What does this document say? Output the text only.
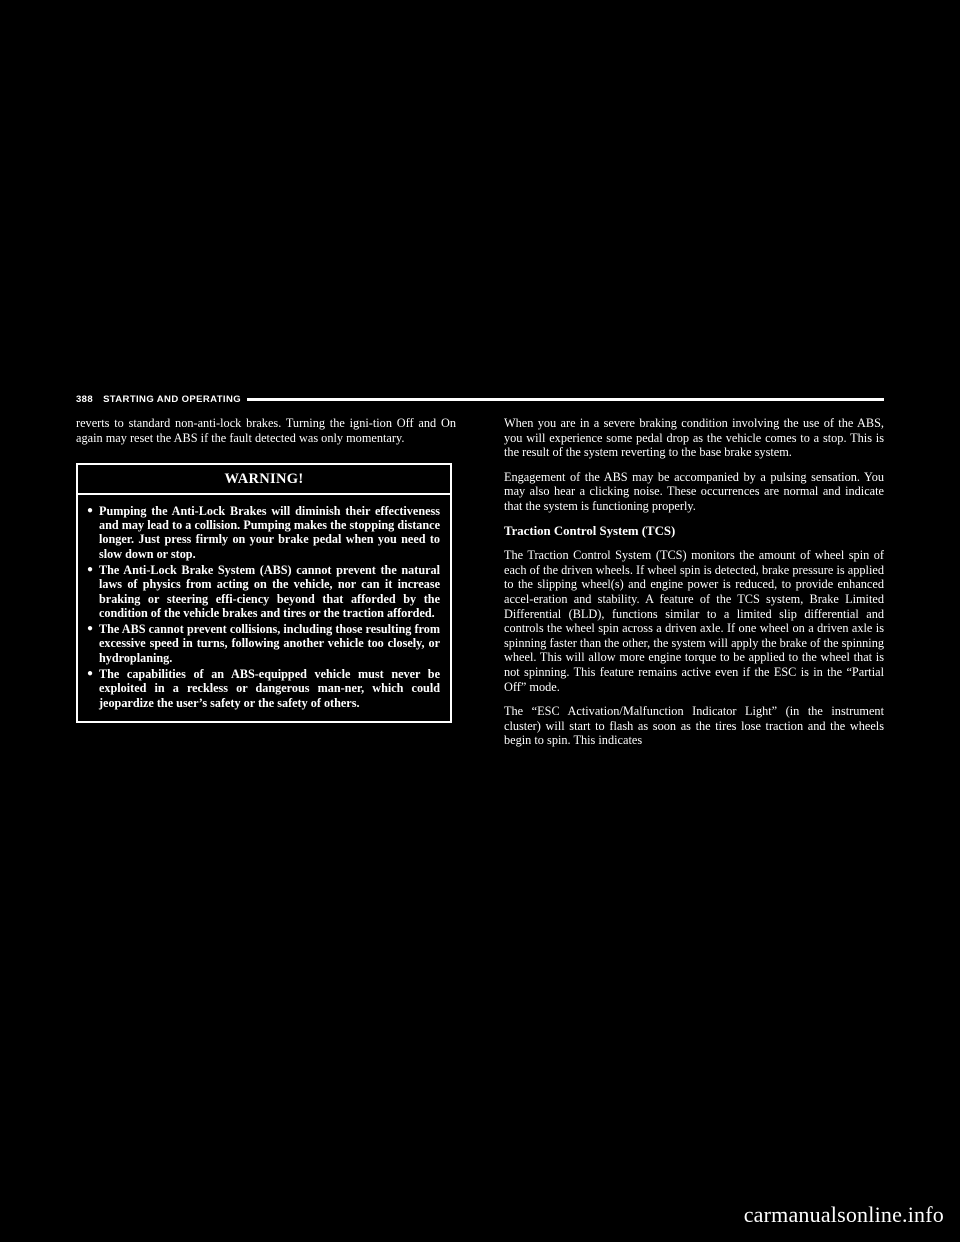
388 STARTING AND OPERATING

reverts to standard non-anti-lock brakes. Turning the igni-tion Off and On again may reset the ABS if the fault detected was only momentary.

WARNING!
● Pumping the Anti-Lock Brakes will diminish their effectiveness and may lead to a collision. Pumping makes the stopping distance longer. Just press firmly on your brake pedal when you need to slow down or stop.
● The Anti-Lock Brake System (ABS) cannot prevent the natural laws of physics from acting on the vehicle, nor can it increase braking or steering effi-ciency beyond that afforded by the condition of the vehicle brakes and tires or the traction afforded.
● The ABS cannot prevent collisions, including those resulting from excessive speed in turns, following another vehicle too closely, or hydroplaning.
● The capabilities of an ABS-equipped vehicle must never be exploited in a reckless or dangerous man-ner, which could jeopardize the user’s safety or the safety of others.

When you are in a severe braking condition involving the use of the ABS, you will experience some pedal drop as the vehicle comes to a stop. This is the result of the system reverting to the base brake system.

Engagement of the ABS may be accompanied by a pulsing sensation. You may also hear a clicking noise. These occurrences are normal and indicate that the system is functioning properly.

Traction Control System (TCS)

The Traction Control System (TCS) monitors the amount of wheel spin of each of the driven wheels. If wheel spin is detected, brake pressure is applied to the slipping wheel(s) and engine power is reduced, to provide enhanced accel-eration and stability. A feature of the TCS system, Brake Limited Differential (BLD), functions similar to a limited slip differential and controls the wheel spin across a driven axle. If one wheel on a driven axle is spinning faster than the other, the system will apply the brake of the spinning wheel. This will allow more engine torque to be applied to the wheel that is not spinning. This feature remains active even if the ESC is in the “Partial Off” mode.

The “ESC Activation/Malfunction Indicator Light” (in the instrument cluster) will start to flash as soon as the tires lose traction and the wheels begin to spin. This indicates

carmanualsonline.info
